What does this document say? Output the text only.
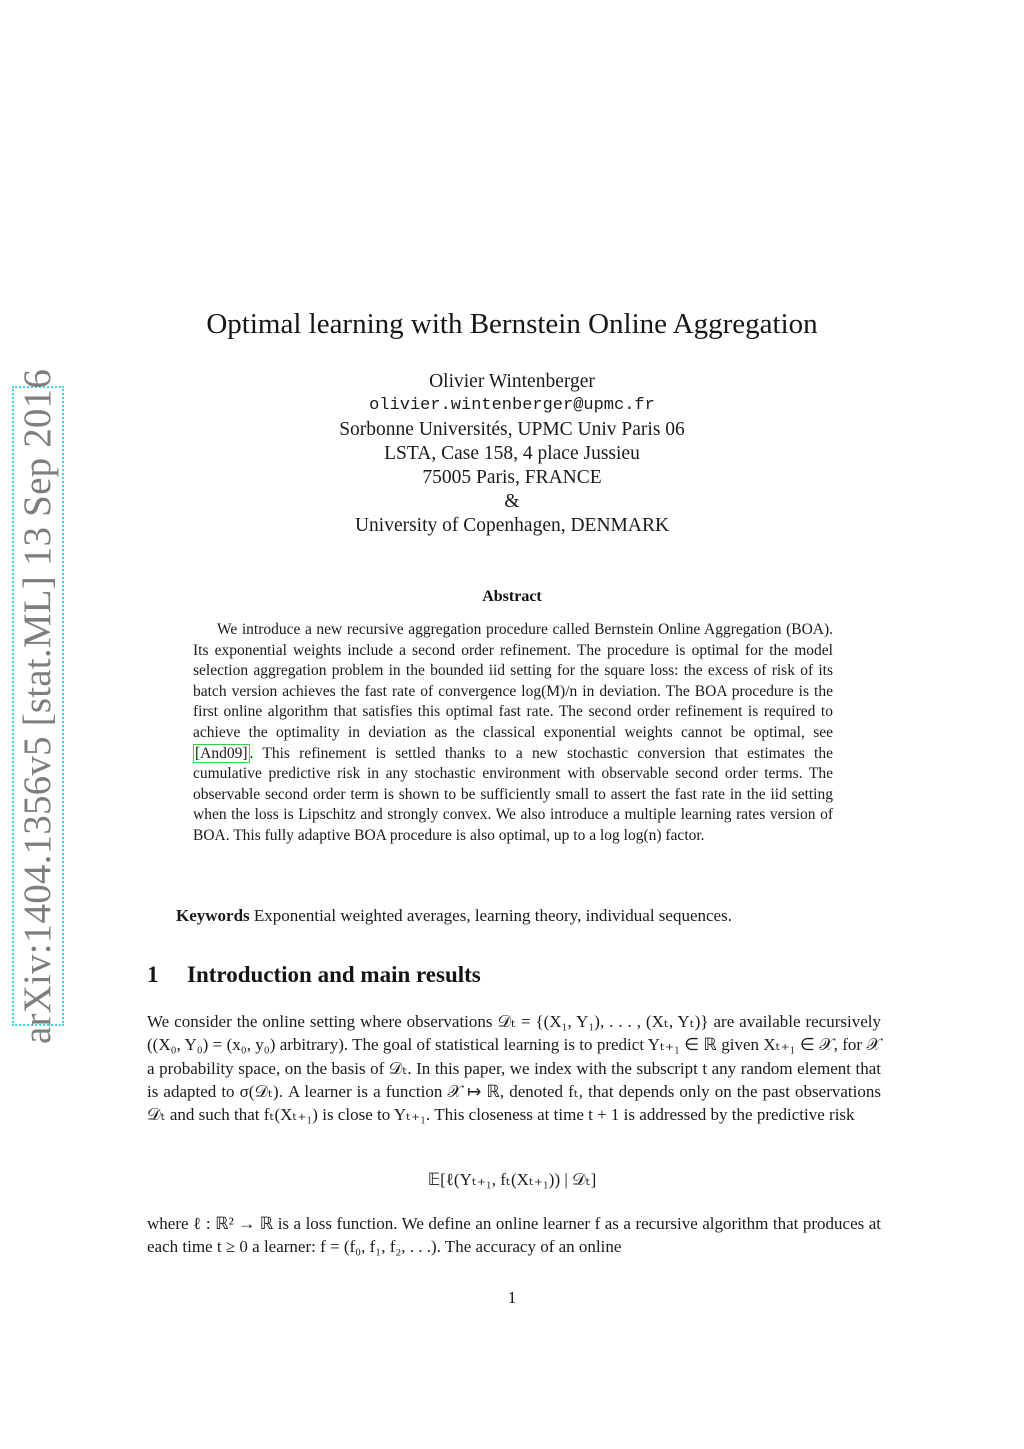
arXiv:1404.1356v5 [stat.ML] 13 Sep 2016
Optimal learning with Bernstein Online Aggregation
Olivier Wintenberger
olivier.wintenberger@upmc.fr
Sorbonne Universités, UPMC Univ Paris 06
LSTA, Case 158, 4 place Jussieu
75005 Paris, FRANCE
&
University of Copenhagen, DENMARK
Abstract
We introduce a new recursive aggregation procedure called Bernstein Online Aggregation (BOA). Its exponential weights include a second order refinement. The procedure is optimal for the model selection aggregation problem in the bounded iid setting for the square loss: the excess of risk of its batch version achieves the fast rate of convergence log(M)/n in deviation. The BOA procedure is the first online algorithm that satisfies this optimal fast rate. The second order refinement is required to achieve the optimality in deviation as the classical exponential weights cannot be optimal, see [And09] . This refinement is settled thanks to a new stochastic conversion that estimates the cumulative predictive risk in any stochastic environment with observable second order terms. The observable second order term is shown to be sufficiently small to assert the fast rate in the iid setting when the loss is Lipschitz and strongly convex. We also introduce a multiple learning rates version of BOA. This fully adaptive BOA procedure is also optimal, up to a log log(n) factor.
Keywords Exponential weighted averages, learning theory, individual sequences.
1 Introduction and main results
We consider the online setting where observations 𝒟ₜ = {(X₁, Y₁), . . . , (Xₜ, Yₜ)} are available recursively ((X₀, Y₀) = (x₀, y₀) arbitrary). The goal of statistical learning is to predict Yₜ₊₁ ∈ ℝ given Xₜ₊₁ ∈ 𝒳, for 𝒳 a probability space, on the basis of 𝒟ₜ. In this paper, we index with the subscript t any random element that is adapted to σ(𝒟ₜ). A learner is a function 𝒳 ↦ ℝ, denoted fₜ, that depends only on the past observations 𝒟ₜ and such that fₜ(Xₜ₊₁) is close to Yₜ₊₁. This closeness at time t + 1 is addressed by the predictive risk
𝔼[ℓ(Yₜ₊₁, fₜ(Xₜ₊₁)) | 𝒟ₜ]
where ℓ : ℝ² → ℝ is a loss function. We define an online learner f as a recursive algorithm that produces at each time t ≥ 0 a learner: f = (f₀, f₁, f₂, . . .). The accuracy of an online
1
